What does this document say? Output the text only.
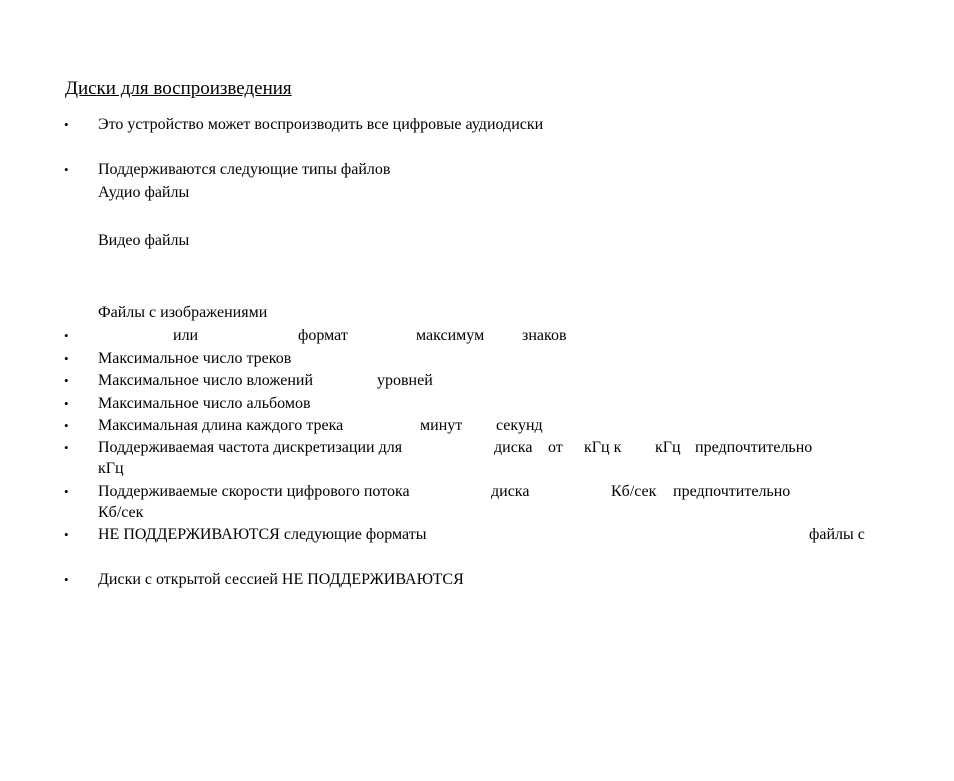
Диски для воспроизведения
• Это устройство может воспроизводить все цифровые аудиодиски
• Поддерживаются следующие типы файлов
Аудио файлы
Видео файлы
Файлы с изображениями
•	или	формат	максимум знаков
• Максимальное число треков
• Максимальное число вложений	уровней
• Максимальное число альбомов
• Максимальная длина каждого трека	минут секунд
• Поддерживаемая частота дискретизации для	диска от кГц к кГц предпочтительно
кГц
• Поддерживаемые скорости цифрового потока	диска	Кб/сек предпочтительно
Кб/сек
• НЕ ПОДДЕРЖИВАЮТСЯ следующие форматы	файлы с
• Диски с открытой сессией НЕ ПОДДЕРЖИВАЮТСЯ
